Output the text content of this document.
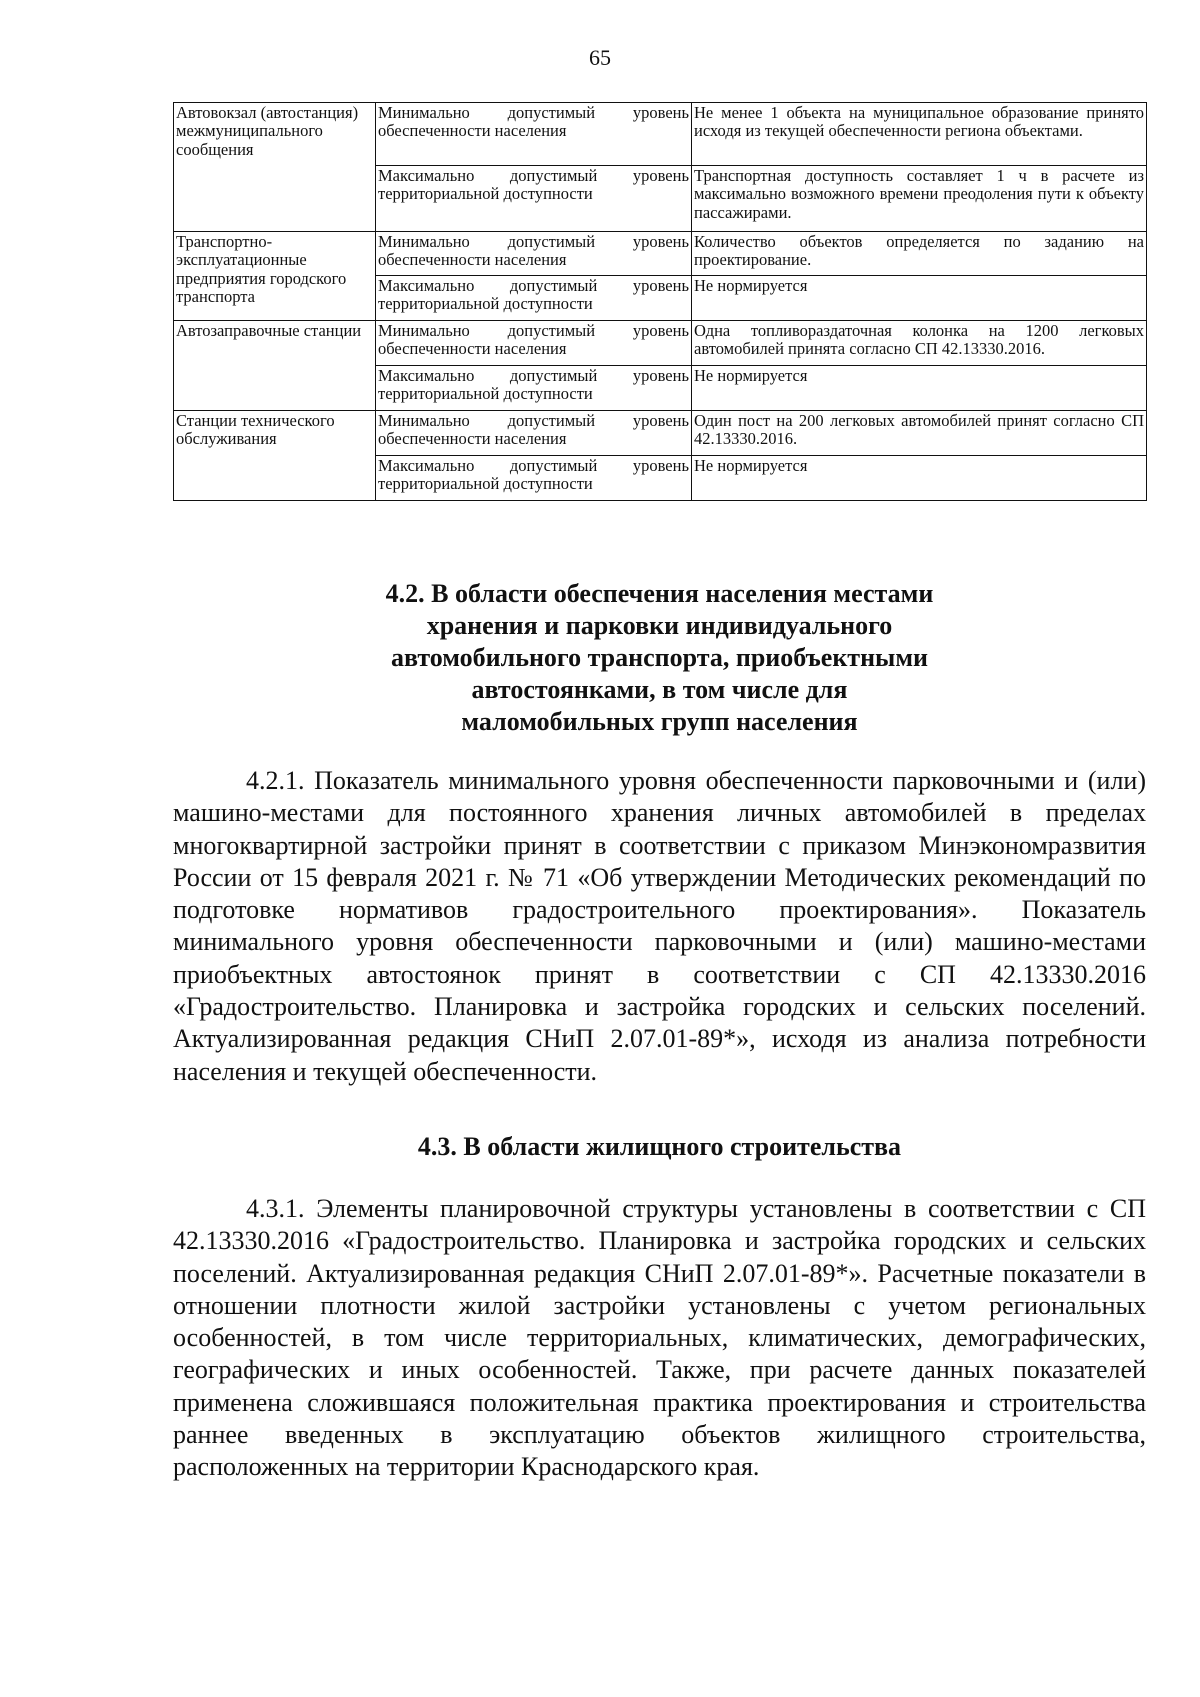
65
Автовокзал (автостанция) межмуниципального сообщения	Минимально допустимый уровень обеспеченности населения	Не менее 1 объекта на муниципальное образование принято исходя из текущей обеспеченности региона объектами.

	Максимально допустимый уровень территориальной доступности	Транспортная доступность составляет 1 ч в расчете из максимально возможного времени преодоления пути к объекту пассажирами.

Транспортно-эксплуатационные предприятия городского транспорта	Минимально допустимый уровень обеспеченности населения	Количество объектов определяется по заданию на проектирование.

	Максимально допустимый уровень территориальной доступности	Не нормируется

Автозаправочные станции	Минимально допустимый уровень обеспеченности населения	Одна топливораздаточная колонка на 1200 легковых автомобилей принята согласно СП 42.13330.2016.

	Максимально допустимый уровень территориальной доступности	Не нормируется

Станции технического обслуживания	Минимально допустимый уровень обеспеченности населения	Один пост на 200 легковых автомобилей принят согласно СП 42.13330.2016.

	Максимально допустимый уровень территориальной доступности	Не нормируется
4.2. В области обеспечения населения местами
хранения и парковки индивидуального
автомобильного транспорта, приобъектными
автостоянками, в том числе для
маломобильных групп населения

4.2.1. Показатель минимального уровня обеспеченности парковочными и (или) машино-местами для постоянного хранения личных автомобилей в пределах многоквартирной застройки принят в соответствии с приказом Минэкономразвития России от 15 февраля 2021 г. № 71 «Об утверждении Методических рекомендаций по подготовке нормативов градостроительного проектирования». Показатель минимального уровня обеспеченности парковочными и (или) машино-местами приобъектных автостоянок принят в соответствии с СП 42.13330.2016 «Градостроительство. Планировка и застройка городских и сельских поселений. Актуализированная редакция СНиП 2.07.01-89*», исходя из анализа потребности населения и текущей обеспеченности.

4.3. В области жилищного строительства

4.3.1. Элементы планировочной структуры установлены в соответствии с СП 42.13330.2016 «Градостроительство. Планировка и застройка городских и сельских поселений. Актуализированная редакция СНиП 2.07.01-89*». Расчетные показатели в отношении плотности жилой застройки установлены с учетом региональных особенностей, в том числе территориальных, климатических, демографических, географических и иных особенностей. Также, при расчете данных показателей применена сложившаяся положительная практика проектирования и строительства раннее введенных в эксплуатацию объектов жилищного строительства, расположенных на территории Краснодарского края.
